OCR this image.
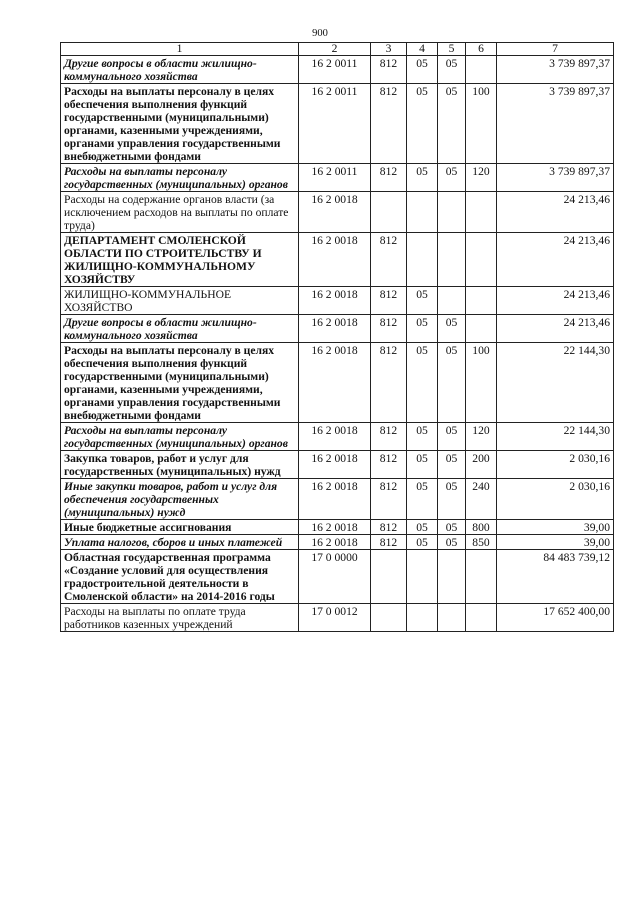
900
1	2	3	4	5	6	7
Другие вопросы в области жилищно-коммунального хозяйства	16 2 0011	812	05	05		3 739 897,37
Расходы на выплаты персоналу в целях обеспечения выполнения функций государственными (муниципальными) органами, казенными учреждениями, органами управления государственными внебюджетными фондами	16 2 0011	812	05	05	100	3 739 897,37
Расходы на выплаты персоналу государственных (муниципальных) органов	16 2 0011	812	05	05	120	3 739 897,37
Расходы на содержание органов власти (за исключением расходов на выплаты по оплате труда)	16 2 0018					24 213,46
ДЕПАРТАМЕНТ СМОЛЕНСКОЙ ОБЛАСТИ ПО СТРОИТЕЛЬСТВУ И ЖИЛИЩНО-КОММУНАЛЬНОМУ ХОЗЯЙСТВУ	16 2 0018	812				24 213,46
ЖИЛИЩНО-КОММУНАЛЬНОЕ ХОЗЯЙСТВО	16 2 0018	812	05			24 213,46
Другие вопросы в области жилищно-коммунального хозяйства	16 2 0018	812	05	05		24 213,46
Расходы на выплаты персоналу в целях обеспечения выполнения функций государственными (муниципальными) органами, казенными учреждениями, органами управления государственными внебюджетными фондами	16 2 0018	812	05	05	100	22 144,30
Расходы на выплаты персоналу государственных (муниципальных) органов	16 2 0018	812	05	05	120	22 144,30
Закупка товаров, работ и услуг для государственных (муниципальных) нужд	16 2 0018	812	05	05	200	2 030,16
Иные закупки товаров, работ и услуг для обеспечения государственных (муниципальных) нужд	16 2 0018	812	05	05	240	2 030,16
Иные бюджетные ассигнования	16 2 0018	812	05	05	800	39,00
Уплата налогов, сборов и иных платежей	16 2 0018	812	05	05	850	39,00
Областная государственная программа «Создание условий для осуществления градостроительной деятельности в Смоленской области» на 2014-2016 годы	17 0 0000					84 483 739,12
Расходы на выплаты по оплате труда работников казенных учреждений	17 0 0012					17 652 400,00
